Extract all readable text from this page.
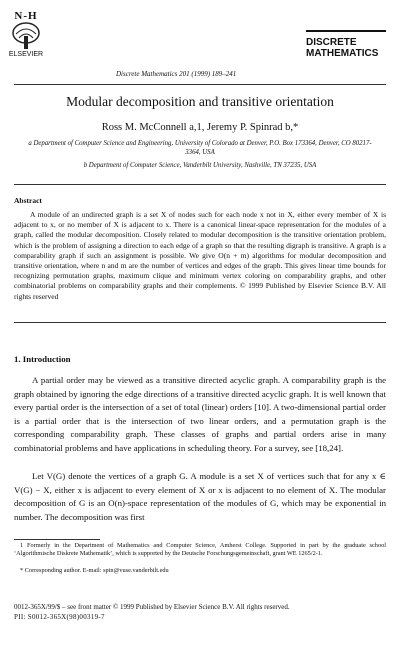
N-H
ELSEVIER
Discrete Mathematics 201 (1999) 189–241
DISCRETE
MATHEMATICS
Modular decomposition and transitive orientation
Ross M. McConnell a,1, Jeremy P. Spinrad b,*
a Department of Computer Science and Engineering, University of Colorado at Denver, P.O. Box 173364, Denver, CO 80217-3364, USA
b Department of Computer Science, Vanderbilt University, Nashville, TN 37235, USA
Abstract
A module of an undirected graph is a set X of nodes such for each node x not in X, either every member of X is adjacent to x, or no member of X is adjacent to x. There is a canonical linear-space representation for the modules of a graph, called the modular decomposition. Closely related to modular decomposition is the transitive orientation problem, which is the problem of assigning a direction to each edge of a graph so that the resulting digraph is transitive. A graph is a comparability graph if such an assignment is possible. We give O(n + m) algorithms for modular decomposition and transitive orientation, where n and m are the number of vertices and edges of the graph. This gives linear time bounds for recognizing permutation graphs, maximum clique and minimum vertex coloring on comparability graphs, and other combinatorial problems on comparability graphs and their complements. © 1999 Published by Elsevier Science B.V. All rights reserved
1. Introduction
A partial order may be viewed as a transitive directed acyclic graph. A comparability graph is the graph obtained by ignoring the edge directions of a transitive directed acyclic graph. It is well known that every partial order is the intersection of a set of total (linear) orders [10]. A two-dimensional partial order is a partial order that is the intersection of two linear orders, and a permutation graph is the corresponding comparability graph. These classes of graphs and partial orders arise in many combinatorial problems and have applications in scheduling theory. For a survey, see [18,24].
Let V(G) denote the vertices of a graph G. A module is a set X of vertices such that for any x ∈ V(G) − X, either x is adjacent to every element of X or x is adjacent to no element of X. The modular decomposition of G is an O(n)-space representation of the modules of G, which may be exponential in number. The decomposition was first
1 Formerly in the Department of Mathematics and Computer Science, Amherst College. Supported in part by the graduate school ‘Algorithmische Diskrete Mathematik’, which is supported by the Deutsche Forschungsgemeinschaft, grant WE 1265/2-1.
* Corresponding author. E-mail: spin@vuse.vanderbilt.edu
0012-365X/99/$ – see front matter © 1999 Published by Elsevier Science B.V. All rights reserved.
PII: S0012-365X(98)00319-7
